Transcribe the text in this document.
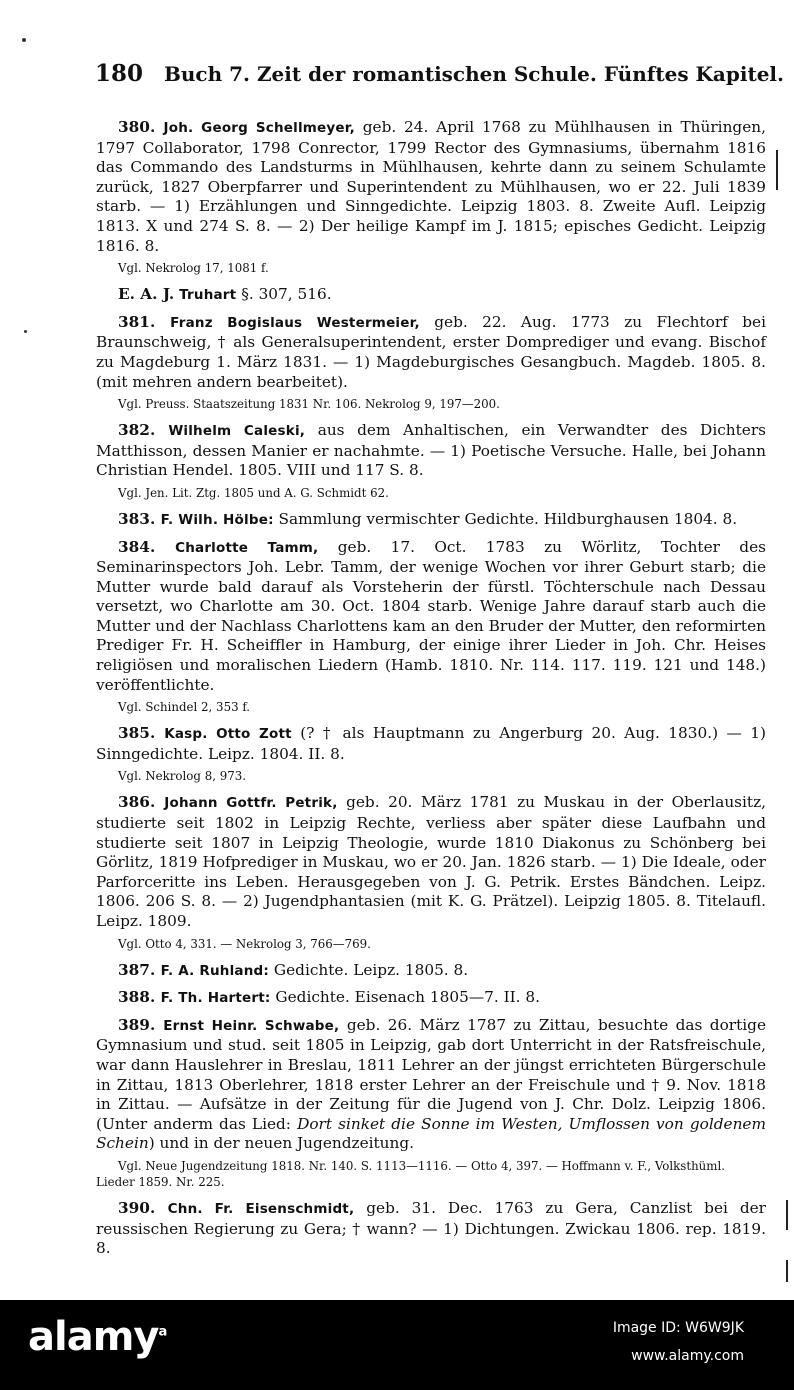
180 Buch 7. Zeit der romantischen Schule. Fünftes Kapitel.

380. Joh. Georg Schellmeyer, geb. 24. April 1768 zu Mühlhausen in Thüringen, 1797 Collaborator, 1798 Conrector, 1799 Rector des Gymnasiums, übernahm 1816 das Commando des Landsturms in Mühlhausen, kehrte dann zu seinem Schulamte zurück, 1827 Oberpfarrer und Superintendent zu Mühlhausen, wo er 22. Juli 1839 starb. — 1) Erzählungen und Sinngedichte. Leipzig 1803. 8. Zweite Aufl. Leipzig 1813. X und 274 S. 8. — 2) Der heilige Kampf im J. 1815; episches Gedicht. Leipzig 1816. 8.

Vgl. Nekrolog 17, 1081 f.

E. A. J. Truhart §. 307, 516.

381. Franz Bogislaus Westermeier, geb. 22. Aug. 1773 zu Flechtorf bei Braunschweig, † als Generalsuperintendent, erster Domprediger und evang. Bischof zu Magdeburg 1. März 1831. — 1) Magdeburgisches Gesangbuch. Magdeb. 1805. 8. (mit mehren andern bearbeitet).

Vgl. Preuss. Staatszeitung 1831 Nr. 106. Nekrolog 9, 197—200.

382. Wilhelm Caleski, aus dem Anhaltischen, ein Verwandter des Dichters Matthisson, dessen Manier er nachahmte. — 1) Poetische Versuche. Halle, bei Johann Christian Hendel. 1805. VIII und 117 S. 8.

Vgl. Jen. Lit. Ztg. 1805 und A. G. Schmidt 62.

383. F. Wilh. Hölbe: Sammlung vermischter Gedichte. Hildburghausen 1804. 8.

384. Charlotte Tamm, geb. 17. Oct. 1783 zu Wörlitz, Tochter des Seminarinspectors Joh. Lebr. Tamm, der wenige Wochen vor ihrer Geburt starb; die Mutter wurde bald darauf als Vorsteherin der fürstl. Töchterschule nach Dessau versetzt, wo Charlotte am 30. Oct. 1804 starb. Wenige Jahre darauf starb auch die Mutter und der Nachlass Charlottens kam an den Bruder der Mutter, den reformirten Prediger Fr. H. Scheiffler in Hamburg, der einige ihrer Lieder in Joh. Chr. Heises religiösen und moralischen Liedern (Hamb. 1810. Nr. 114. 117. 119. 121 und 148.) veröffentlichte.

Vgl. Schindel 2, 353 f.

385. Kasp. Otto Zott (? † als Hauptmann zu Angerburg 20. Aug. 1830.) — 1) Sinngedichte. Leipz. 1804. II. 8.

Vgl. Nekrolog 8, 973.

386. Johann Gottfr. Petrik, geb. 20. März 1781 zu Muskau in der Oberlausitz, studierte seit 1802 in Leipzig Rechte, verliess aber später diese Laufbahn und studierte seit 1807 in Leipzig Theologie, wurde 1810 Diakonus zu Schönberg bei Görlitz, 1819 Hofprediger in Muskau, wo er 20. Jan. 1826 starb. — 1) Die Ideale, oder Parforceritte ins Leben. Herausgegeben von J. G. Petrik. Erstes Bändchen. Leipz. 1806. 206 S. 8. — 2) Jugendphantasien (mit K. G. Prätzel). Leipzig 1805. 8. Titelaufl. Leipz. 1809.

Vgl. Otto 4, 331. — Nekrolog 3, 766—769.

387. F. A. Ruhland: Gedichte. Leipz. 1805. 8.

388. F. Th. Hartert: Gedichte. Eisenach 1805—7. II. 8.

389. Ernst Heinr. Schwabe, geb. 26. März 1787 zu Zittau, besuchte das dortige Gymnasium und stud. seit 1805 in Leipzig, gab dort Unterricht in der Ratsfreischule, war dann Hauslehrer in Breslau, 1811 Lehrer an der jüngst errichteten Bürgerschule in Zittau, 1813 Oberlehrer, 1818 erster Lehrer an der Freischule und † 9. Nov. 1818 in Zittau. — Aufsätze in der Zeitung für die Jugend von J. Chr. Dolz. Leipzig 1806. (Unter anderm das Lied: Dort sinket die Sonne im Westen, Umflossen von goldenem Schein) und in der neuen Jugendzeitung.

Vgl. Neue Jugendzeitung 1818. Nr. 140. S. 1113—1116. — Otto 4, 397. — Hoffmann v. F., Volksthüml. Lieder 1859. Nr. 225.

390. Chn. Fr. Eisenschmidt, geb. 31. Dec. 1763 zu Gera, Canzlist bei der reussischen Regierung zu Gera; † wann? — 1) Dichtungen. Zwickau 1806. rep. 1819. 8.

alamy$^a$	Image ID: W6W9JK
www.alamy.com
